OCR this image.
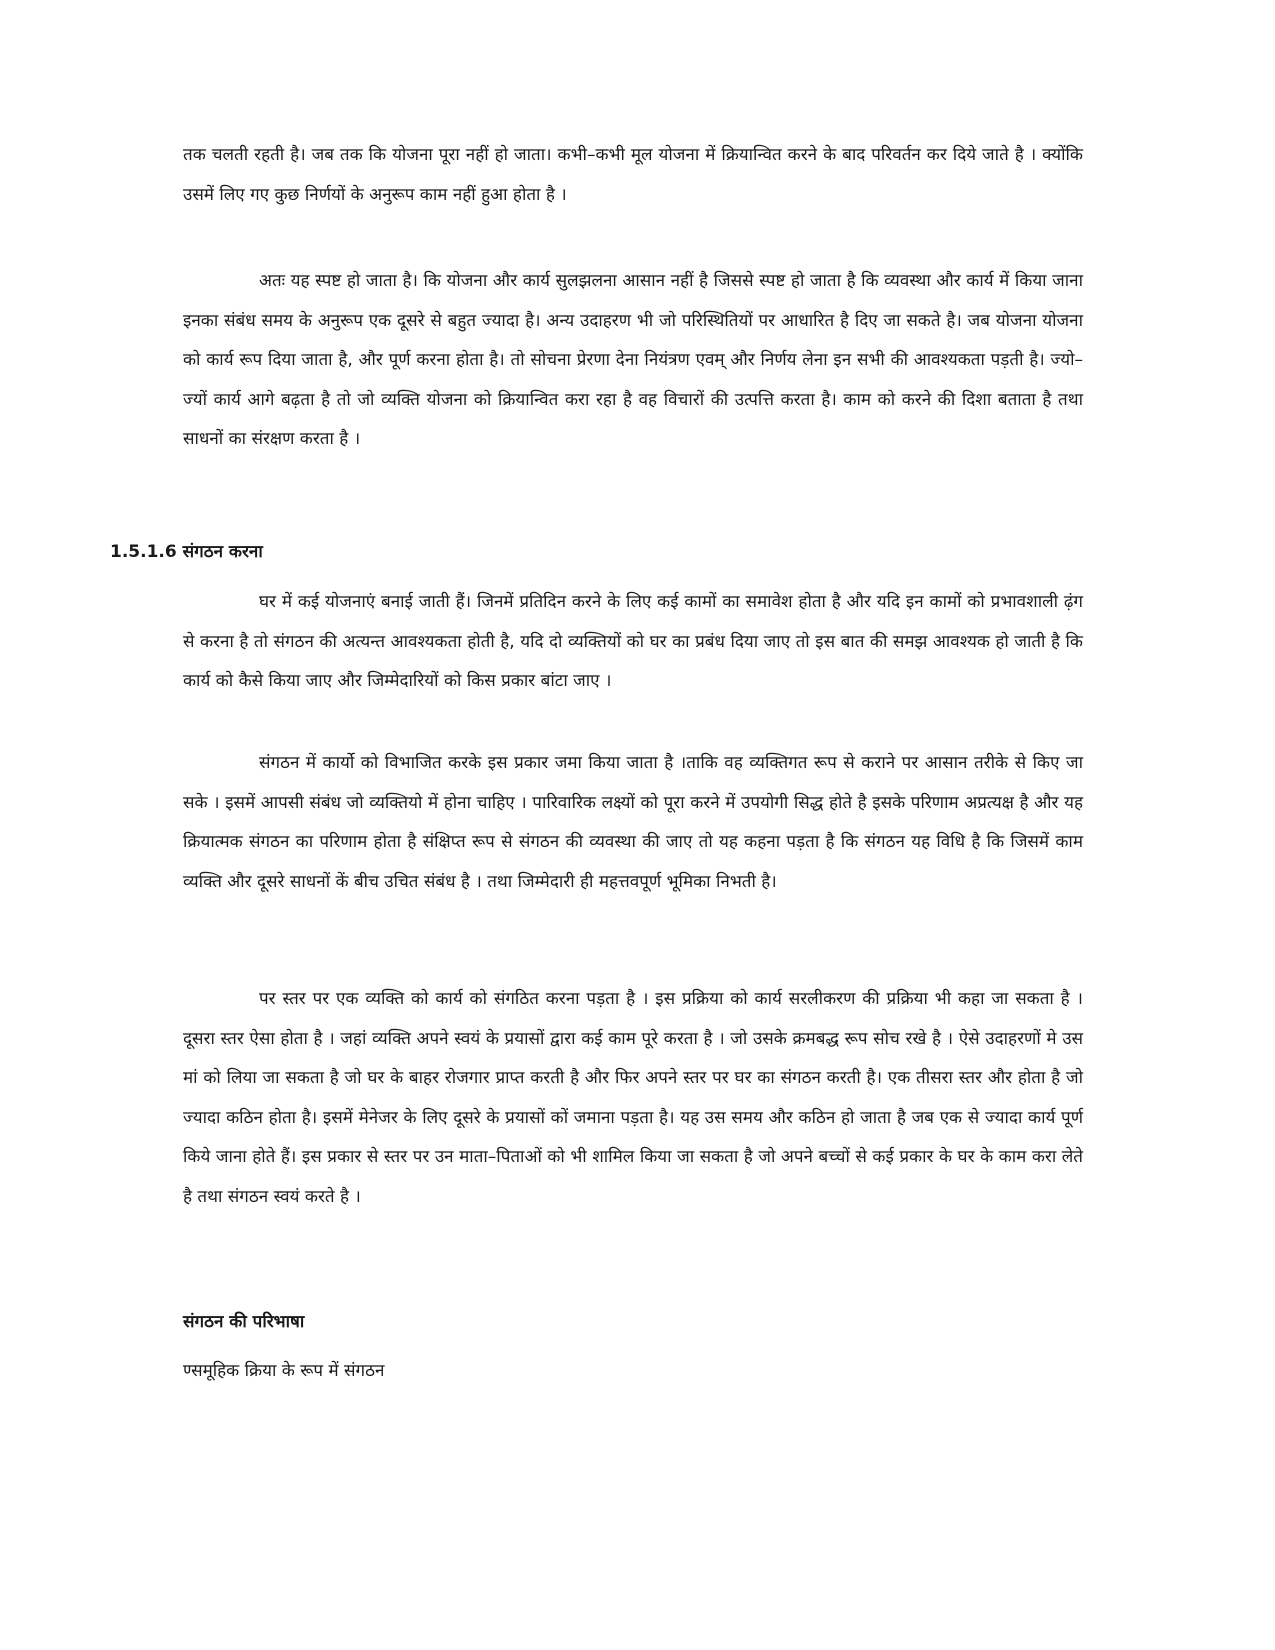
तक चलती रहती है। जब तक कि योजना पूरा नहीं हो जाता। कभी–कभी मूल योजना में क्रियान्वित करने के बाद परिवर्तन कर दिये जाते है । क्योंकि उसमें लिए गए कुछ निर्णयों के अनुरूप काम नहीं हुआ होता है ।

अतः यह स्पष्ट हो जाता है। कि योजना और कार्य सुलझलना आसान नहीं है जिससे स्पष्ट हो जाता है कि व्यवस्था और कार्य में किया जाना इनका संबंध समय के अनुरूप एक दूसरे से बहुत ज्यादा है। अन्य उदाहरण भी जो परिस्थितियों पर आधारित है दिए जा सकते है। जब योजना योजना को कार्य रूप दिया जाता है, और पूर्ण करना होता है। तो सोचना प्रेरणा देना नियंत्रण एवम् और निर्णय लेना इन सभी की आवश्यकता पड़ती है। ज्यो–ज्यों कार्य आगे बढ़ता है तो जो व्यक्ति योजना को क्रियान्वित करा रहा है वह विचारों की उत्पत्ति करता है। काम को करने की दिशा बताता है तथा साधनों का संरक्षण करता है ।

1.5.1.6 संगठन करना

घर में कई योजनाएं बनाई जाती हैं। जिनमें प्रतिदिन करने के लिए कई कामों का समावेश होता है और यदि इन कामों को प्रभावशाली ढ़ंग से करना है तो संगठन की अत्यन्त आवश्यकता होती है, यदि दो व्यक्तियों को घर का प्रबंध दिया जाए तो इस बात की समझ आवश्यक हो जाती है कि कार्य को कैसे किया जाए और जिम्मेदारियों को किस प्रकार बांटा जाए ।

संगठन में कार्यो को विभाजित करके इस प्रकार जमा किया जाता है ।ताकि वह व्यक्तिगत रूप से कराने पर आसान तरीके से किए जा सके । इसमें आपसी संबंध जो व्यक्तियो में होना चाहिए । पारिवारिक लक्ष्यों को पूरा करने में उपयोगी सिद्ध होते है इसके परिणाम अप्रत्यक्ष है और यह क्रियात्मक संगठन का परिणाम होता है संक्षिप्त रूप से संगठन की व्यवस्था की जाए तो यह कहना पड़ता है कि संगठन यह विधि है कि जिसमें काम व्यक्ति और दूसरे साधनों कें बीच उचित संबंध है । तथा जिम्मेदारी ही महत्तवपूर्ण भूमिका निभती है।

पर स्तर पर एक व्यक्ति को कार्य को संगठित करना पड़ता है । इस प्रक्रिया को कार्य सरलीकरण की प्रक्रिया भी कहा जा सकता है । दूसरा स्तर ऐसा होता है । जहां व्यक्ति अपने स्वयं के प्रयासों द्वारा कई काम पूरे करता है । जो उसके क्रमबद्ध रूप सोच रखे है । ऐसे उदाहरणों मे उस मां को लिया जा सकता है जो घर के बाहर रोजगार प्राप्त करती है और फिर अपने स्तर पर घर का संगठन करती है। एक तीसरा स्तर और होता है जो ज्यादा कठिन होता है। इसमें मेनेजर के लिए दूसरे के प्रयासों कों जमाना पड़ता है। यह उस समय और कठिन हो जाता है जब एक से ज्यादा कार्य पूर्ण किये जाना होते हैं। इस प्रकार से स्तर पर उन माता–पिताओं को भी शामिल किया जा सकता है जो अपने बच्चों से कई प्रकार के घर के काम करा लेते है तथा संगठन स्वयं करते है ।

संगठन की परिभाषा

ण्समूहिक क्रिया के रूप में संगठन
